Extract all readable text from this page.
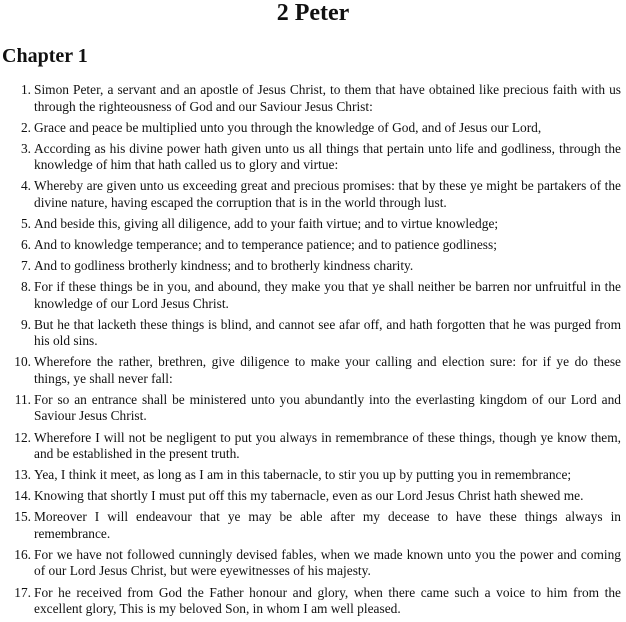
2 Peter
Chapter 1
1. Simon Peter, a servant and an apostle of Jesus Christ, to them that have obtained like precious faith with us through the righteousness of God and our Saviour Jesus Christ:
2. Grace and peace be multiplied unto you through the knowledge of God, and of Jesus our Lord,
3. According as his divine power hath given unto us all things that pertain unto life and godliness, through the knowledge of him that hath called us to glory and virtue:
4. Whereby are given unto us exceeding great and precious promises: that by these ye might be partakers of the divine nature, having escaped the corruption that is in the world through lust.
5. And beside this, giving all diligence, add to your faith virtue; and to virtue knowledge;
6. And to knowledge temperance; and to temperance patience; and to patience godliness;
7. And to godliness brotherly kindness; and to brotherly kindness charity.
8. For if these things be in you, and abound, they make you that ye shall neither be barren nor unfruitful in the knowledge of our Lord Jesus Christ.
9. But he that lacketh these things is blind, and cannot see afar off, and hath forgotten that he was purged from his old sins.
10. Wherefore the rather, brethren, give diligence to make your calling and election sure: for if ye do these things, ye shall never fall:
11. For so an entrance shall be ministered unto you abundantly into the everlasting kingdom of our Lord and Saviour Jesus Christ.
12. Wherefore I will not be negligent to put you always in remembrance of these things, though ye know them, and be established in the present truth.
13. Yea, I think it meet, as long as I am in this tabernacle, to stir you up by putting you in remembrance;
14. Knowing that shortly I must put off this my tabernacle, even as our Lord Jesus Christ hath shewed me.
15. Moreover I will endeavour that ye may be able after my decease to have these things always in remembrance.
16. For we have not followed cunningly devised fables, when we made known unto you the power and coming of our Lord Jesus Christ, but were eyewitnesses of his majesty.
17. For he received from God the Father honour and glory, when there came such a voice to him from the excellent glory, This is my beloved Son, in whom I am well pleased.
